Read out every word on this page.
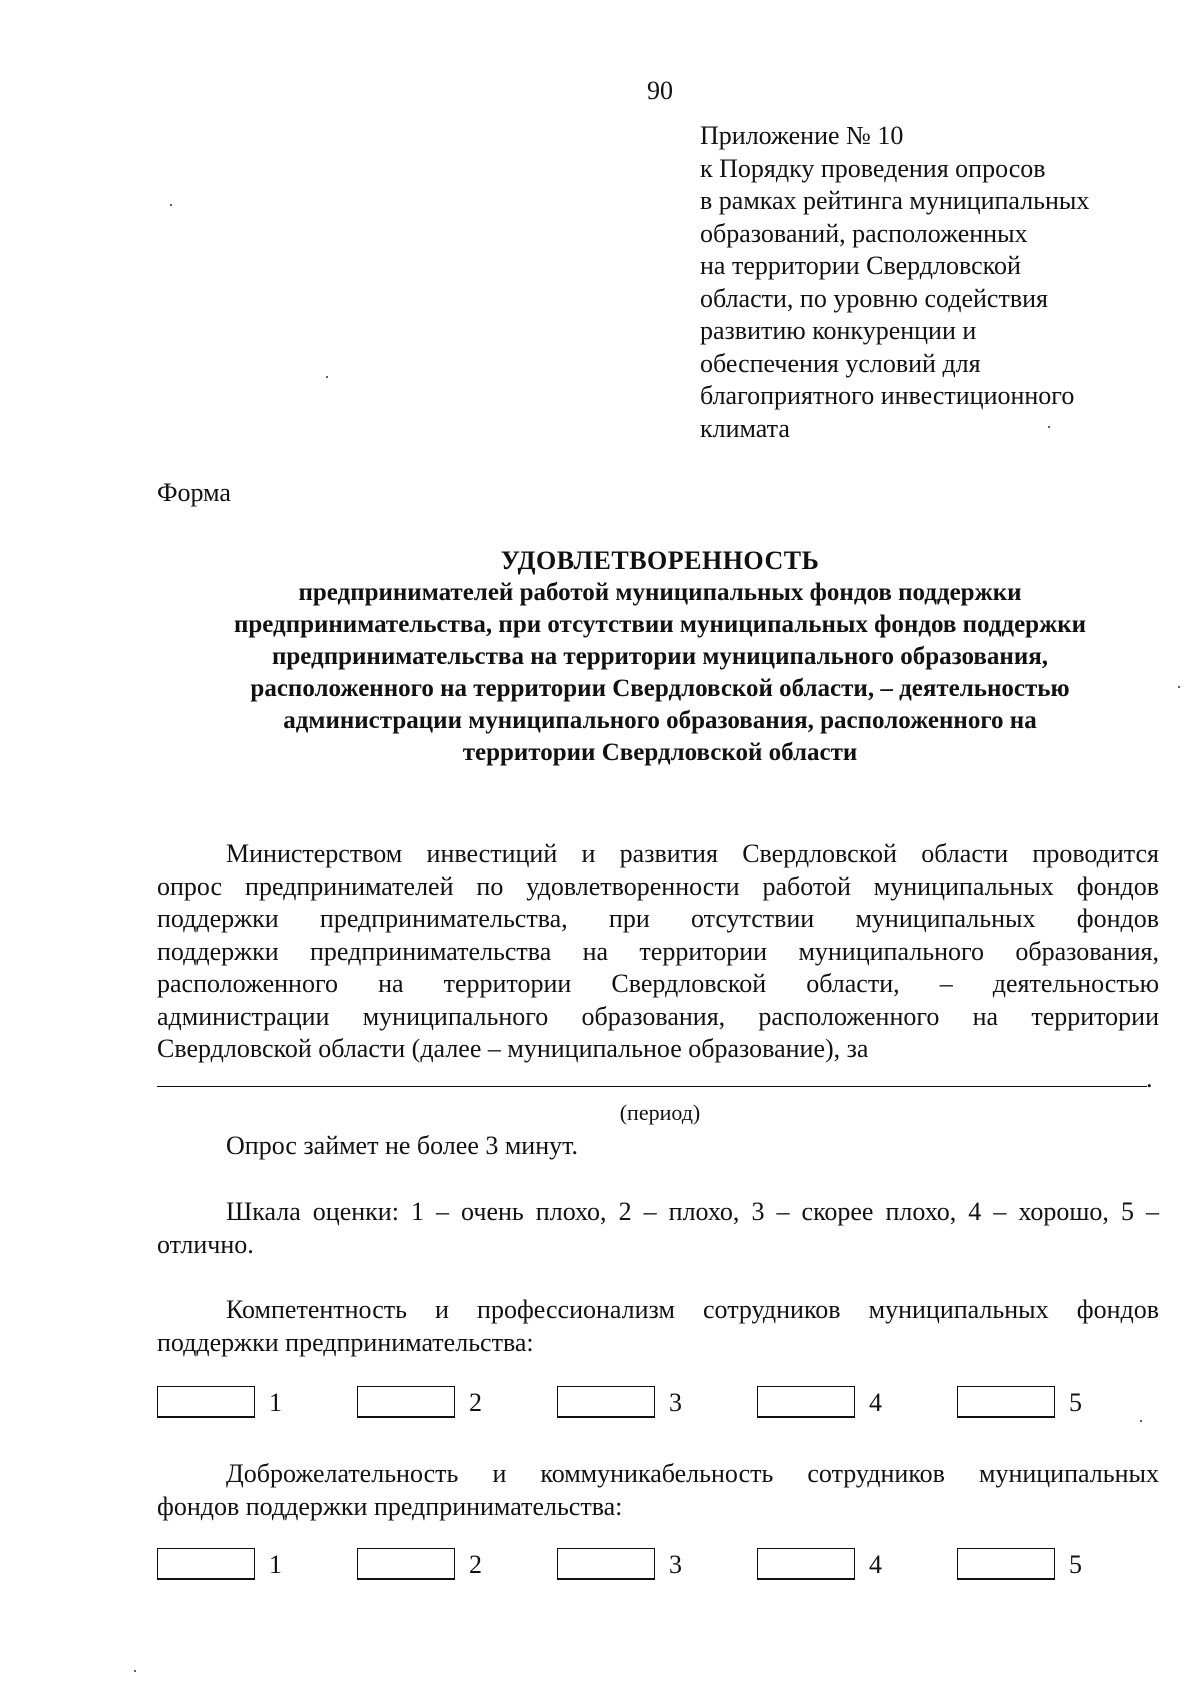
90
Приложение № 10
к Порядку проведения опросов
в рамках рейтинга муниципальных
образований, расположенных
на территории Свердловской
области, по уровню содействия
развитию конкуренции и
обеспечения условий для
благоприятного инвестиционного
климата
Форма
УДОВЛЕТВОРЕННОСТЬ
предпринимателей работой муниципальных фондов поддержки
предпринимательства, при отсутствии муниципальных фондов поддержки
предпринимательства на территории муниципального образования,
расположенного на территории Свердловской области, – деятельностью
администрации муниципального образования, расположенного на
территории Свердловской области
Министерством инвестиций и развития Свердловской области проводится
опрос предпринимателей по удовлетворенности работой муниципальных фондов
поддержки предпринимательства, при отсутствии муниципальных фондов
поддержки предпринимательства на территории муниципального образования,
расположенного на территории Свердловской области, – деятельностью
администрации муниципального образования, расположенного на территории
Свердловской области (далее – муниципальное образование), за
.
(период)
Опрос займет не более 3 минут.
Шкала оценки: 1 – очень плохо, 2 – плохо, 3 – скорее плохо, 4 – хорошо, 5 –
отлично.
Компетентность и профессионализм сотрудников муниципальных фондов
поддержки предпринимательства:
1	2	3	4	5
Доброжелательность и коммуникабельность сотрудников муниципальных
фондов поддержки предпринимательства:
1	2	3	4	5
